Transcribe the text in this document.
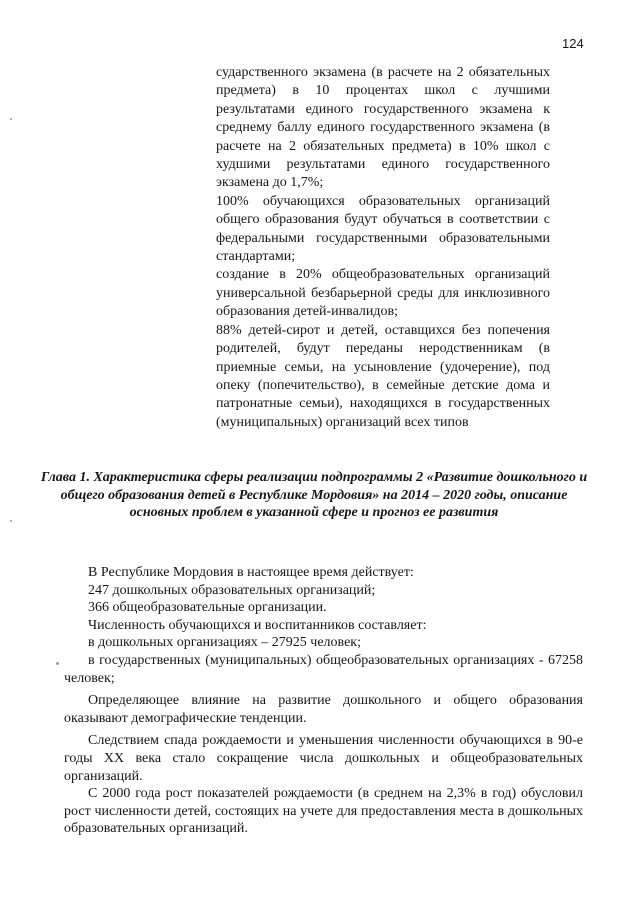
124

сударственного экзамена (в расчете на 2 обязательных предмета) в 10 процентах школ с лучшими результатами единого государственного экзамена к среднему баллу единого государственного экзамена (в расчете на 2 обязательных предмета) в 10% школ с худшими результатами единого государственного экзамена до 1,7%;

100% обучающихся образовательных организаций общего образования будут обучаться в соответствии с федеральными государственными образовательными стандартами;

создание в 20% общеобразовательных организаций универсальной безбарьерной среды для инклюзивного образования детей-инвалидов;

88% детей-сирот и детей, оставщихся без попечения родителей, будут переданы неродственникам (в приемные семьи, на усыновление (удочерение), под опеку (попечительство), в семейные детские дома и патронатные семьи), находящихся в государственных (муниципальных) организаций всех типов

Глава 1. Характеристика сферы реализации подпрограммы 2 «Развитие дошкольного и общего образования детей в Республике Мордовия» на 2014 – 2020 годы, описание основных проблем в указанной сфере и прогноз ее развития

В Республике Мордовия в настоящее время действует:

247 дошкольных образовательных организаций;

366 общеобразовательные организации.

Численность обучающихся и воспитанников составляет:

в дошкольных организациях – 27925 человек;

в государственных (муниципальных) общеобразовательных организациях - 67258 человек;

Определяющее влияние на развитие дошкольного и общего образования оказывают демографические тенденции.

Следствием спада рождаемости и уменьшения численности обучающихся в 90-е годы XX века стало сокращение числа дошкольных и общеобразовательных организаций.

С 2000 года рост показателей рождаемости (в среднем на 2,3% в год) обусловил рост численности детей, состоящих на учете для предоставления места в дошкольных образовательных организаций.
